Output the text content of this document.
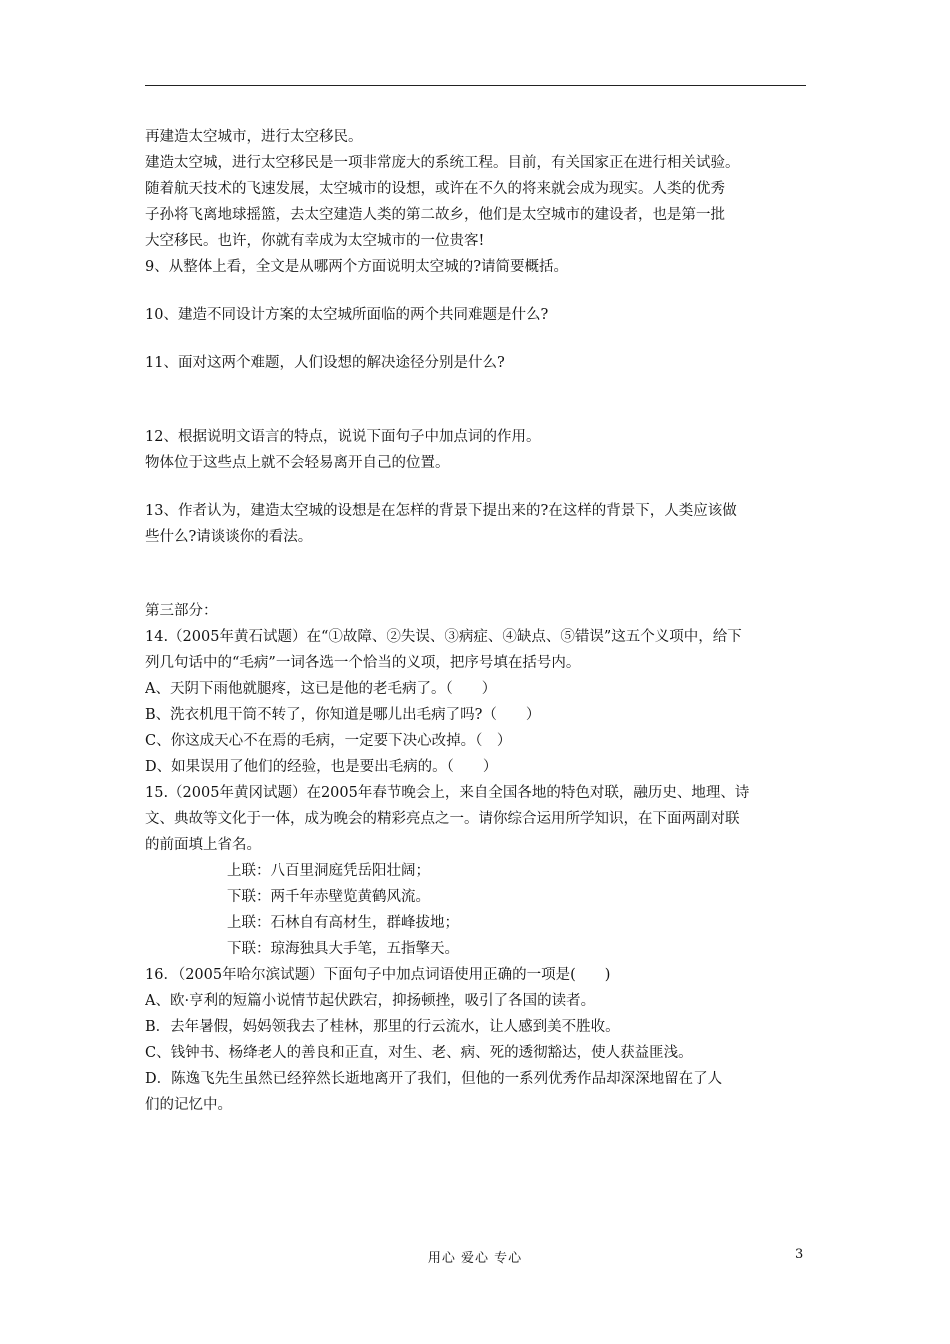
再建造太空城市，进行太空移民。
建造太空城，进行太空移民是一项非常庞大的系统工程。目前，有关国家正在进行相关试验。
随着航天技术的飞速发展，太空城市的设想，或许在不久的将来就会成为现实。人类的优秀
子孙将飞离地球摇篮，去太空建造人类的第二故乡，他们是太空城市的建设者，也是第一批
大空移民。也许，你就有幸成为太空城市的一位贵客!
9、从整体上看，全文是从哪两个方面说明太空城的?请简要概括。
10、建造不同设计方案的太空城所面临的两个共同难题是什么?
11、面对这两个难题，人们设想的解决途径分别是什么?
12、根据说明文语言的特点，说说下面句子中加点词的作用。
物体位于这些点上就不会轻易离开自己的位置。
13、作者认为，建造太空城的设想是在怎样的背景下提出来的?在这样的背景下，人类应该做
些什么?请谈谈你的看法。
第三部分：
14.（2005年黄石试题）在“①故障、②失误、③病症、④缺点、⑤错误”这五个义项中，给下
列几句话中的“毛病”一词各选一个恰当的义项，把序号填在括号内。
A、天阴下雨他就腿疼，这已是他的老毛病了。（　　）
B、洗衣机甩干筒不转了，你知道是哪儿出毛病了吗?（　　）
C、你这成天心不在焉的毛病，一定要下决心改掉。（　）
D、如果误用了他们的经验，也是要出毛病的。（　　）
15.（2005年黄冈试题）在2005年春节晚会上，来自全国各地的特色对联，融历史、地理、诗
文、典故等文化于一体，成为晚会的精彩亮点之一。请你综合运用所学知识，在下面两副对联
的前面填上省名。
上联：八百里洞庭凭岳阳壮阔；
下联：两千年赤壁览黄鹤风流。
上联：石林自有高材生，群峰拔地；
下联：琼海独具大手笔，五指擎天。
16．（2005年哈尔滨试题）下面句子中加点词语使用正确的一项是(　　)
A、欧·亨利的短篇小说情节起伏跌宕，抑扬顿挫，吸引了各国的读者。
B．去年暑假，妈妈领我去了桂林，那里的行云流水，让人感到美不胜收。
C、钱钟书、杨绛老人的善良和正直，对生、老、病、死的透彻豁达，使人获益匪浅。
D．陈逸飞先生虽然已经猝然长逝地离开了我们，但他的一系列优秀作品却深深地留在了人
们的记忆中。
用心 爱心 专心	3
